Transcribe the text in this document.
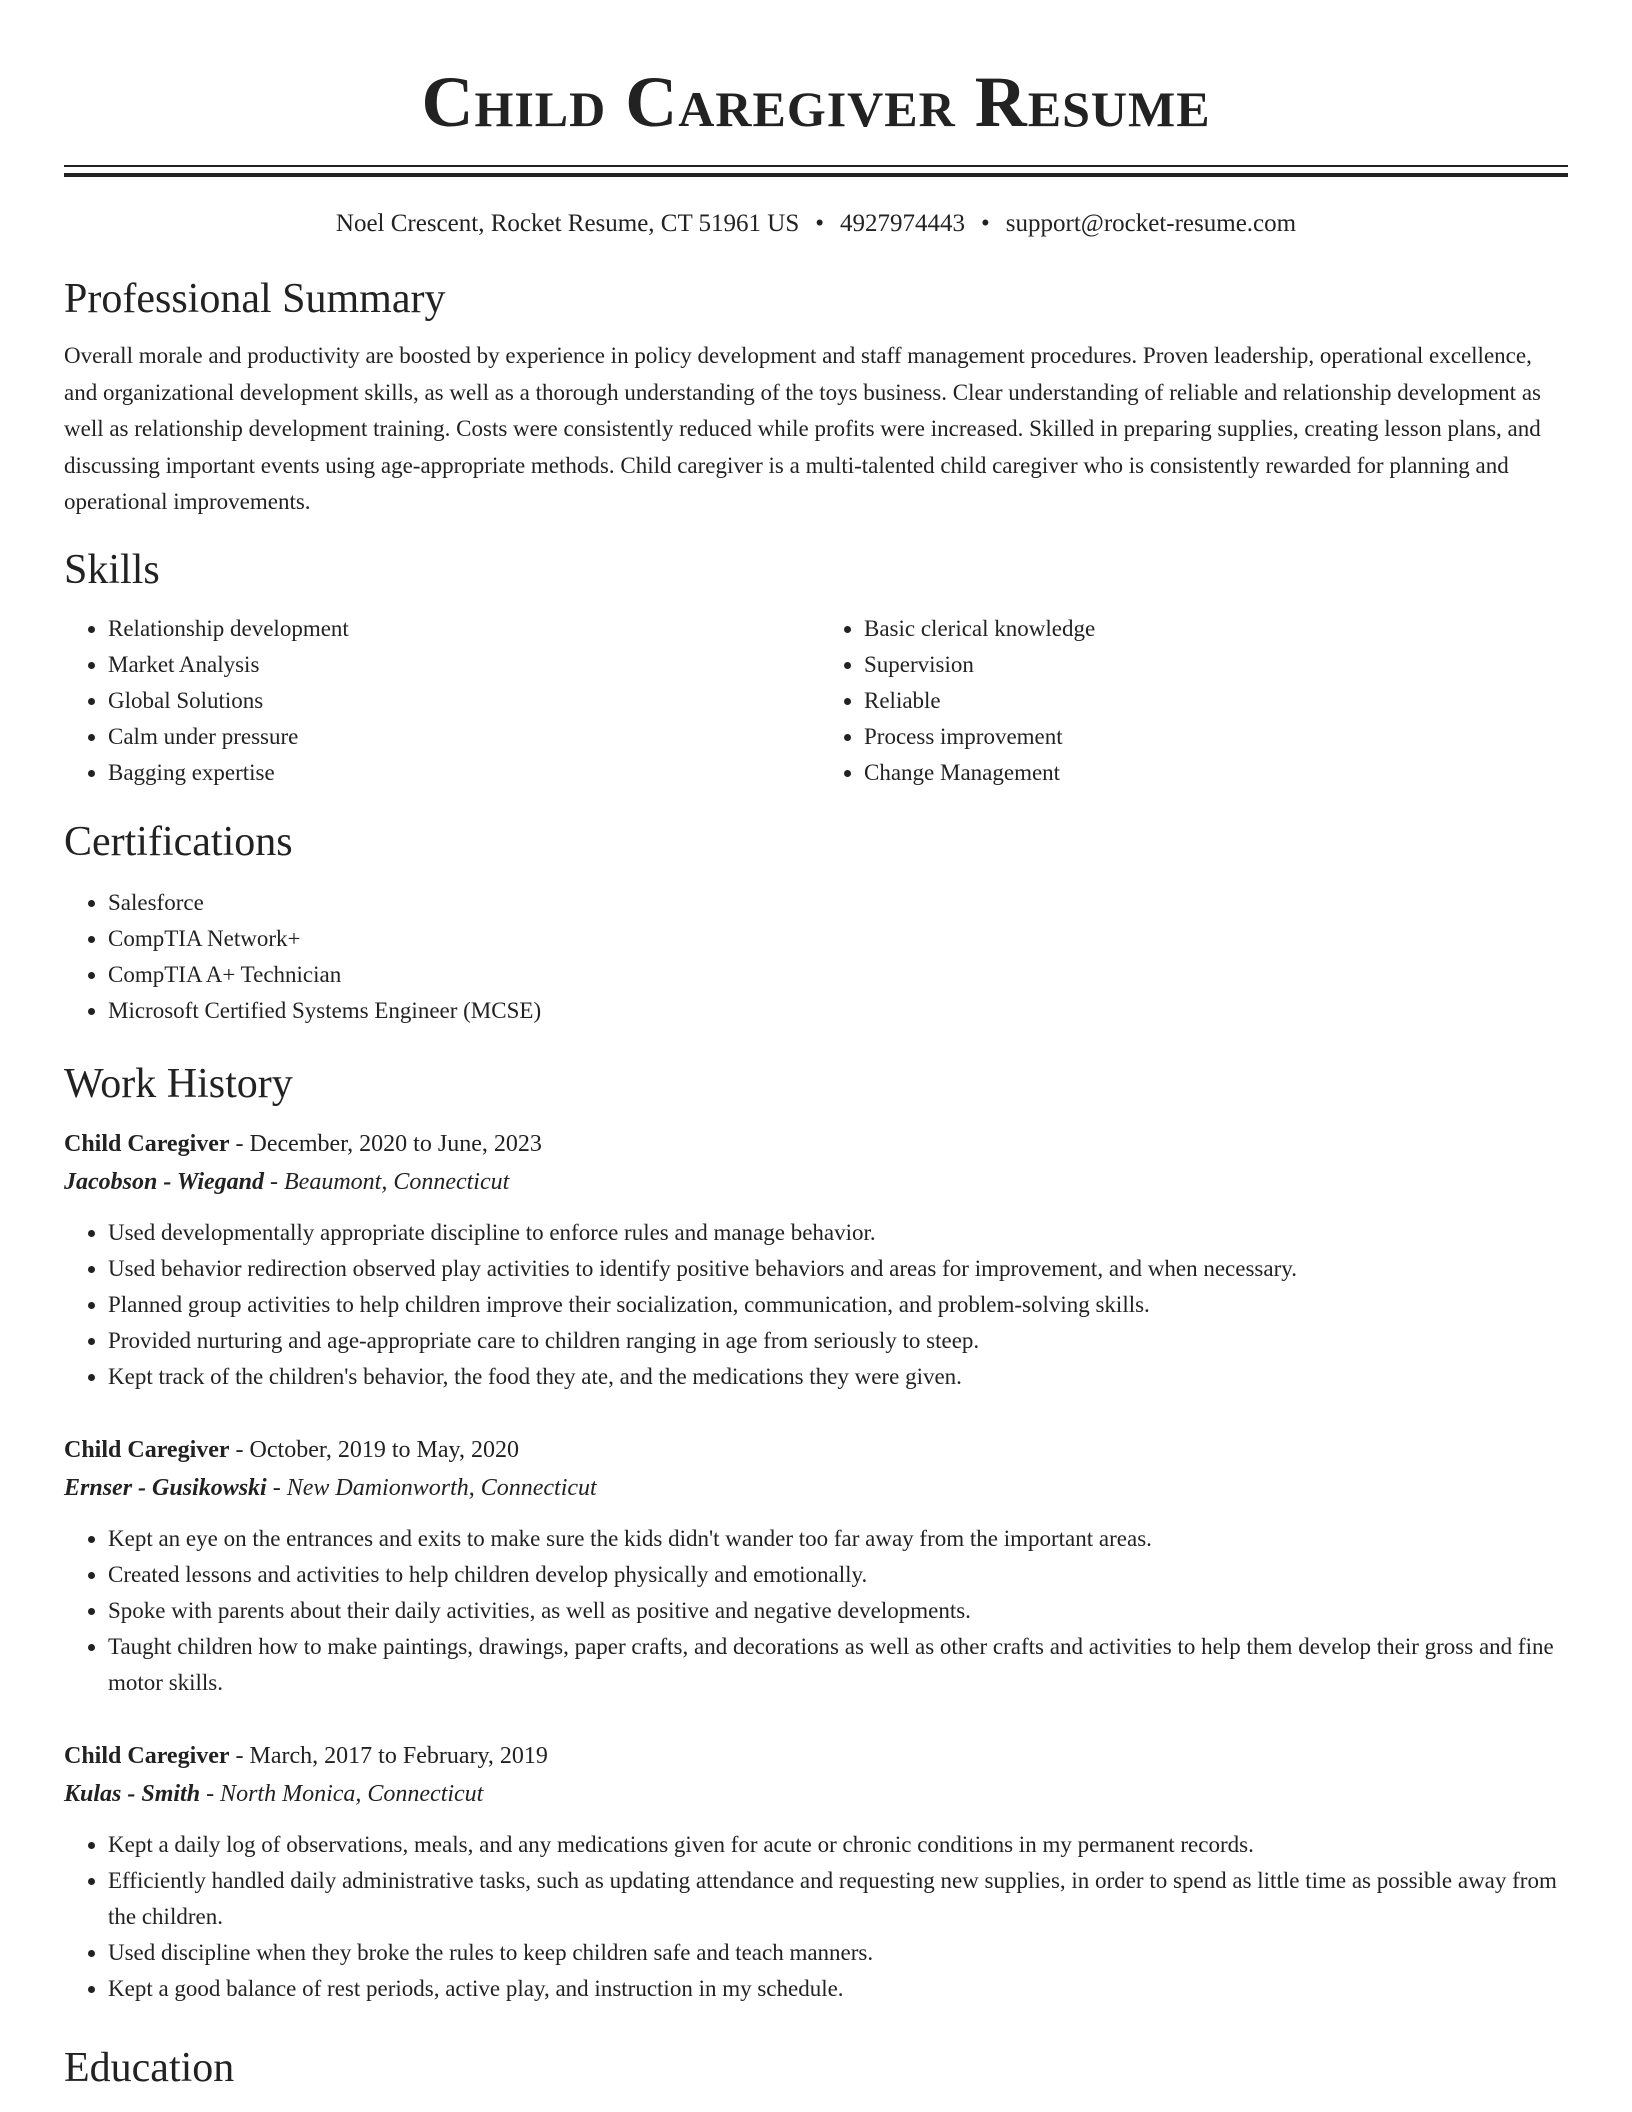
Child Caregiver Resume
Noel Crescent, Rocket Resume, CT 51961 US • 4927974443 • support@rocket-resume.com
Professional Summary

Overall morale and productivity are boosted by experience in policy development and staff management procedures. Proven leadership, operational excellence, and organizational development skills, as well as a thorough understanding of the toys business. Clear understanding of reliable and relationship development as well as relationship development training. Costs were consistently reduced while profits were increased. Skilled in preparing supplies, creating lesson plans, and discussing important events using age-appropriate methods. Child caregiver is a multi-talented child caregiver who is consistently rewarded for planning and operational improvements.

Skills
• Relationship development
• Market Analysis
• Global Solutions
• Calm under pressure
• Bagging expertise
• Basic clerical knowledge
• Supervision
• Reliable
• Process improvement
• Change Management
Certifications
• Salesforce
• CompTIA Network+
• CompTIA A+ Technician
• Microsoft Certified Systems Engineer (MCSE)
Work History
Child Caregiver - December, 2020 to June, 2023
Jacobson - Wiegand - Beaumont, Connecticut
• Used developmentally appropriate discipline to enforce rules and manage behavior.
• Used behavior redirection observed play activities to identify positive behaviors and areas for improvement, and when necessary.
• Planned group activities to help children improve their socialization, communication, and problem-solving skills.
• Provided nurturing and age-appropriate care to children ranging in age from seriously to steep.
• Kept track of the children's behavior, the food they ate, and the medications they were given.
Child Caregiver - October, 2019 to May, 2020
Ernser - Gusikowski - New Damionworth, Connecticut
• Kept an eye on the entrances and exits to make sure the kids didn't wander too far away from the important areas.
• Created lessons and activities to help children develop physically and emotionally.
• Spoke with parents about their daily activities, as well as positive and negative developments.
• Taught children how to make paintings, drawings, paper crafts, and decorations as well as other crafts and activities to help them develop their gross and fine motor skills.
Child Caregiver - March, 2017 to February, 2019
Kulas - Smith - North Monica, Connecticut
• Kept a daily log of observations, meals, and any medications given for acute or chronic conditions in my permanent records.
• Efficiently handled daily administrative tasks, such as updating attendance and requesting new supplies, in order to spend as little time as possible away from the children.
• Used discipline when they broke the rules to keep children safe and teach manners.
• Kept a good balance of rest periods, active play, and instruction in my schedule.
Education
